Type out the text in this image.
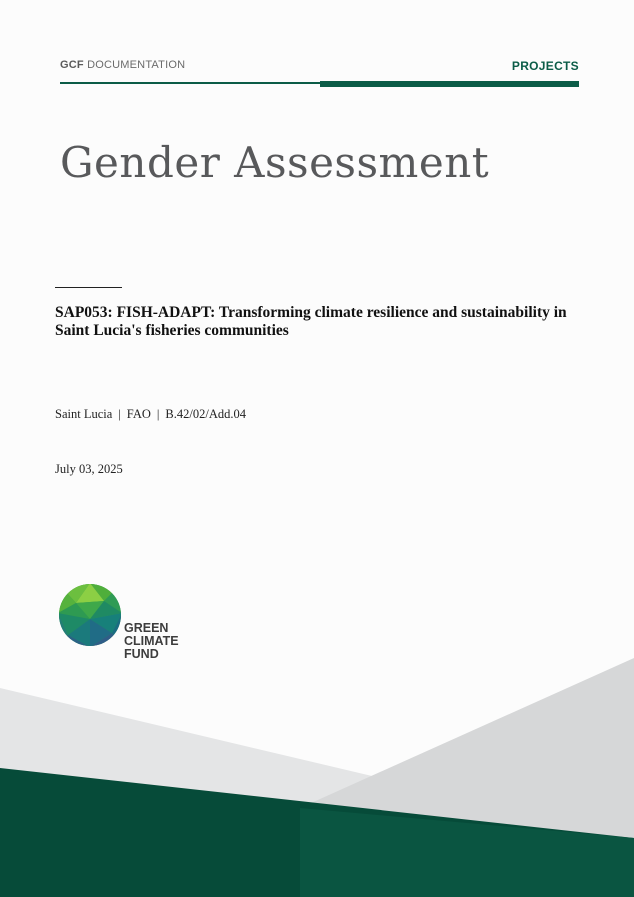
GCF DOCUMENTATION	PROJECTS
Gender Assessment
SAP053: FISH-ADAPT: Transforming climate resilience and sustainability in Saint Lucia's fisheries communities
Saint Lucia | FAO | B.42/02/Add.04
July 03, 2025
GREEN
CLIMATE
FUND
